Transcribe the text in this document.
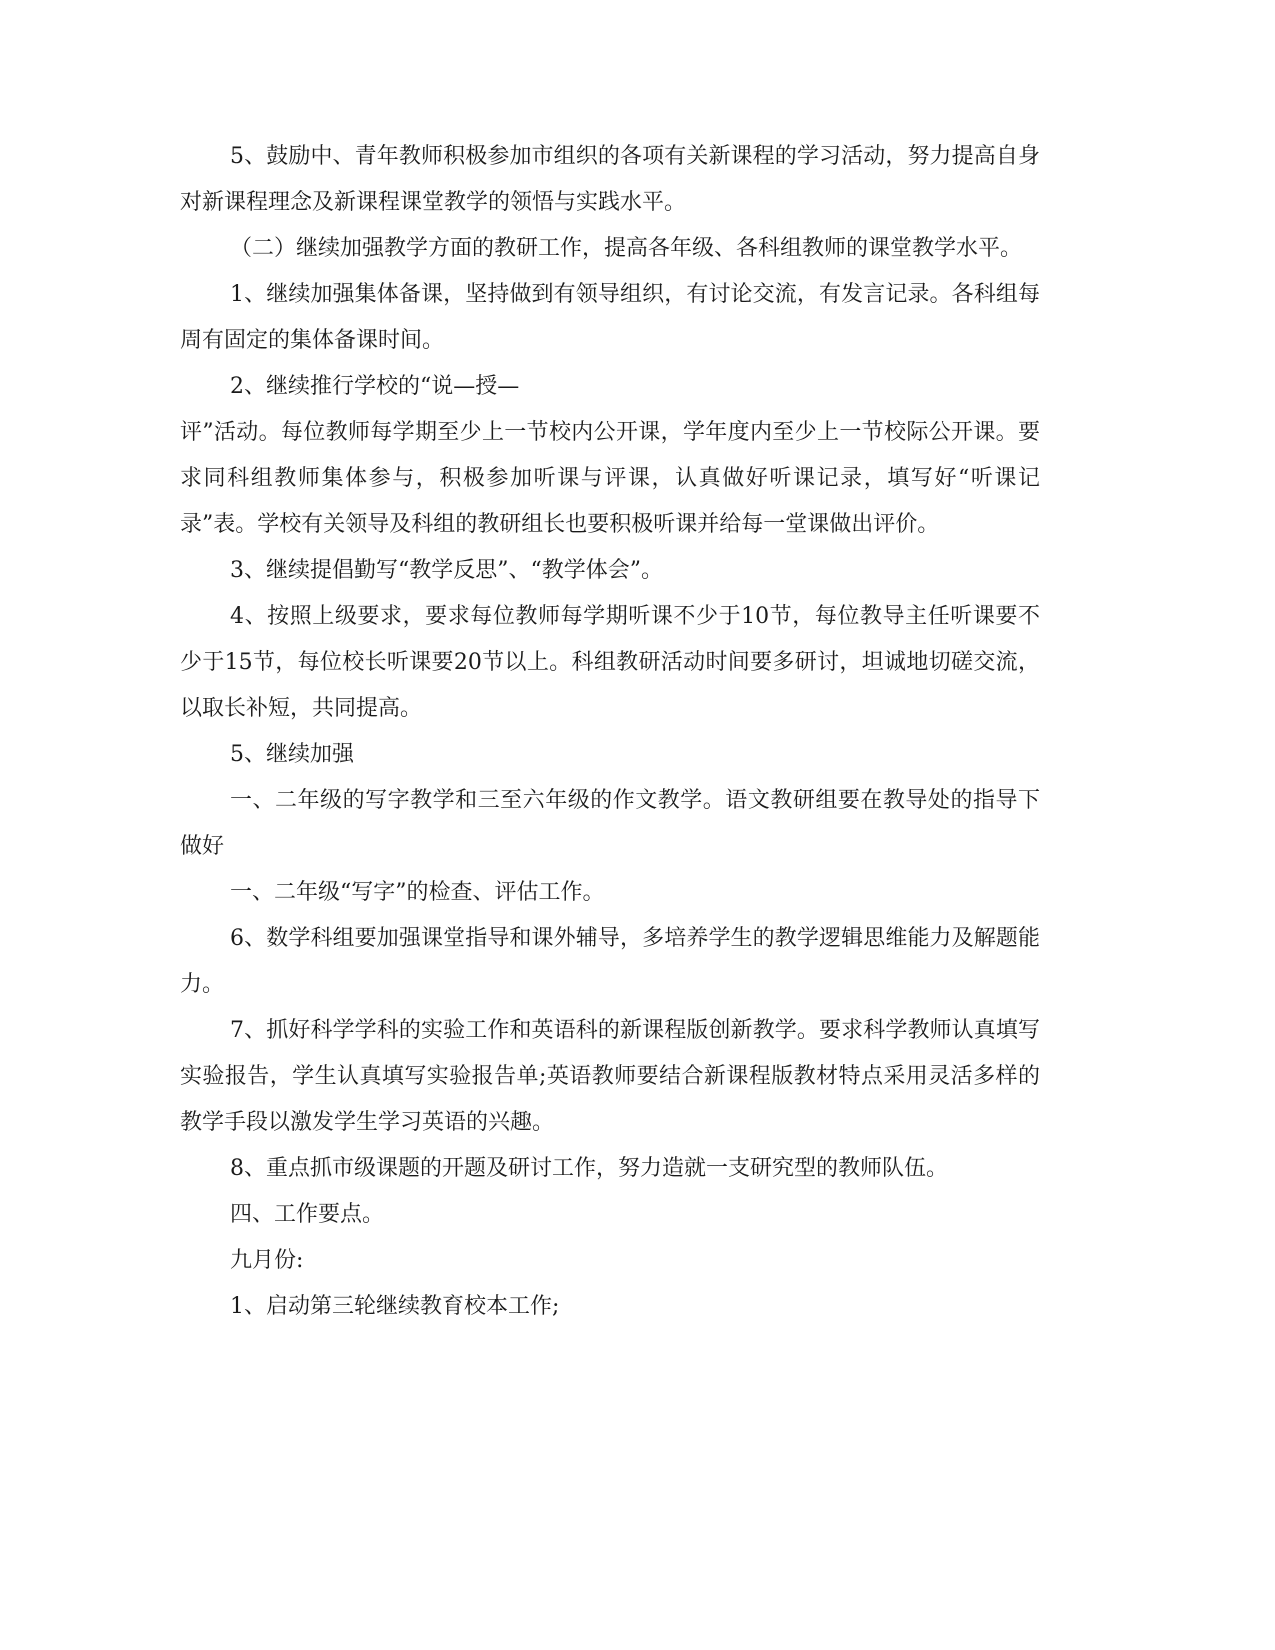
5、鼓励中、青年教师积极参加市组织的各项有关新课程的学习活动，努力提高自身对新课程理念及新课程课堂教学的领悟与实践水平。

（二）继续加强教学方面的教研工作，提高各年级、各科组教师的课堂教学水平。

1、继续加强集体备课，坚持做到有领导组织，有讨论交流，有发言记录。各科组每周有固定的集体备课时间。

2、继续推行学校的“说—授—

评”活动。每位教师每学期至少上一节校内公开课，学年度内至少上一节校际公开课。要求同科组教师集体参与，积极参加听课与评课，认真做好听课记录，填写好“听课记录”表。学校有关领导及科组的教研组长也要积极听课并给每一堂课做出评价。

3、继续提倡勤写“教学反思”、“教学体会”。

4、按照上级要求，要求每位教师每学期听课不少于10节，每位教导主任听课要不少于15节，每位校长听课要20节以上。科组教研活动时间要多研讨，坦诚地切磋交流，以取长补短，共同提高。

5、继续加强

一、二年级的写字教学和三至六年级的作文教学。语文教研组要在教导处的指导下做好

一、二年级“写字”的检查、评估工作。

6、数学科组要加强课堂指导和课外辅导，多培养学生的教学逻辑思维能力及解题能力。

7、抓好科学学科的实验工作和英语科的新课程版创新教学。要求科学教师认真填写实验报告，学生认真填写实验报告单;英语教师要结合新课程版教材特点采用灵活多样的教学手段以激发学生学习英语的兴趣。

8、重点抓市级课题的开题及研讨工作，努力造就一支研究型的教师队伍。

四、工作要点。

九月份:

1、启动第三轮继续教育校本工作;
